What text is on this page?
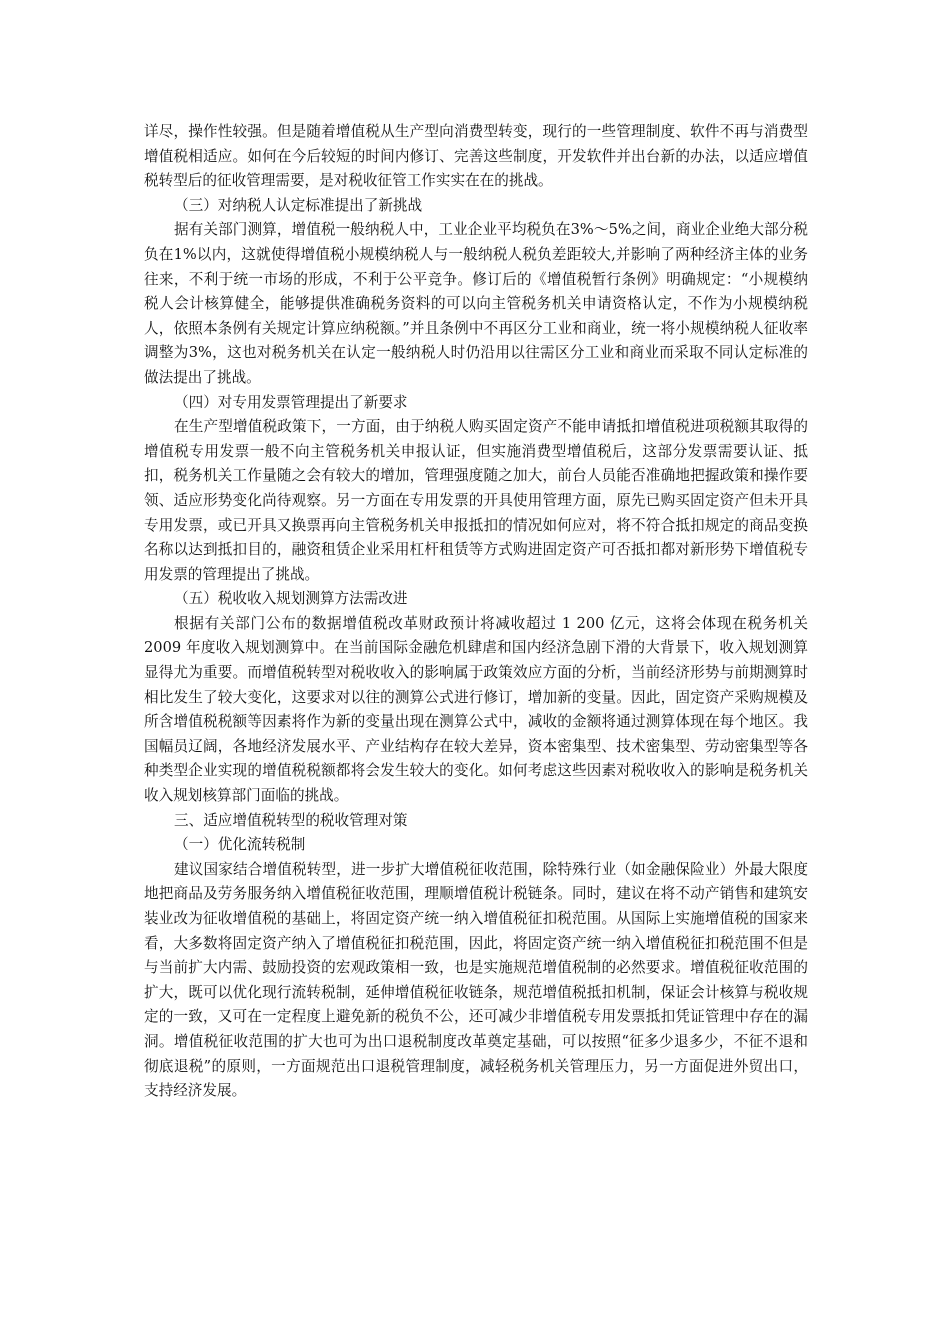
详尽，操作性较强。但是随着增值税从生产型向消费型转变，现行的一些管理制度、软件不再与消费型增值税相适应。如何在今后较短的时间内修订、完善这些制度，开发软件并出台新的办法，以适应增值税转型后的征收管理需要，是对税收征管工作实实在在的挑战。

（三）对纳税人认定标准提出了新挑战

据有关部门测算，增值税一般纳税人中，工业企业平均税负在3%～5%之间，商业企业绝大部分税负在1%以内，这就使得增值税小规模纳税人与一般纳税人税负差距较大,并影响了两种经济主体的业务往来，不利于统一市场的形成，不利于公平竞争。修订后的《增值税暂行条例》明确规定：“小规模纳税人会计核算健全，能够提供准确税务资料的可以向主管税务机关申请资格认定，不作为小规模纳税人，依照本条例有关规定计算应纳税额。”并且条例中不再区分工业和商业，统一将小规模纳税人征收率调整为3%，这也对税务机关在认定一般纳税人时仍沿用以往需区分工业和商业而采取不同认定标准的做法提出了挑战。

（四）对专用发票管理提出了新要求

在生产型增值税政策下，一方面，由于纳税人购买固定资产不能申请抵扣增值税进项税额其取得的增值税专用发票一般不向主管税务机关申报认证，但实施消费型增值税后，这部分发票需要认证、抵扣，税务机关工作量随之会有较大的增加，管理强度随之加大，前台人员能否准确地把握政策和操作要领、适应形势变化尚待观察。另一方面在专用发票的开具使用管理方面，原先已购买固定资产但未开具专用发票，或已开具又换票再向主管税务机关申报抵扣的情况如何应对，将不符合抵扣规定的商品变换名称以达到抵扣目的，融资租赁企业采用杠杆租赁等方式购进固定资产可否抵扣都对新形势下增值税专用发票的管理提出了挑战。

（五）税收收入规划测算方法需改进

根据有关部门公布的数据增值税改革财政预计将减收超过 1 200 亿元，这将会体现在税务机关 2009 年度收入规划测算中。在当前国际金融危机肆虐和国内经济急剧下滑的大背景下，收入规划测算显得尤为重要。而增值税转型对税收收入的影响属于政策效应方面的分析，当前经济形势与前期测算时相比发生了较大变化，这要求对以往的测算公式进行修订，增加新的变量。因此，固定资产采购规模及所含增值税税额等因素将作为新的变量出现在测算公式中，减收的金额将通过测算体现在每个地区。我国幅员辽阔，各地经济发展水平、产业结构存在较大差异，资本密集型、技术密集型、劳动密集型等各种类型企业实现的增值税税额都将会发生较大的变化。如何考虑这些因素对税收收入的影响是税务机关收入规划核算部门面临的挑战。

三、适应增值税转型的税收管理对策

（一）优化流转税制

建议国家结合增值税转型，进一步扩大增值税征收范围，除特殊行业（如金融保险业）外最大限度地把商品及劳务服务纳入增值税征收范围，理顺增值税计税链条。同时，建议在将不动产销售和建筑安装业改为征收增值税的基础上，将固定资产统一纳入增值税征扣税范围。从国际上实施增值税的国家来看，大多数将固定资产纳入了增值税征扣税范围，因此，将固定资产统一纳入增值税征扣税范围不但是与当前扩大内需、鼓励投资的宏观政策相一致，也是实施规范增值税制的必然要求。增值税征收范围的扩大，既可以优化现行流转税制，延伸增值税征收链条，规范增值税抵扣机制，保证会计核算与税收规定的一致，又可在一定程度上避免新的税负不公，还可减少非增值税专用发票抵扣凭证管理中存在的漏洞。增值税征收范围的扩大也可为出口退税制度改革奠定基础，可以按照“征多少退多少，不征不退和彻底退税”的原则，一方面规范出口退税管理制度，减轻税务机关管理压力，另一方面促进外贸出口，支持经济发展。
